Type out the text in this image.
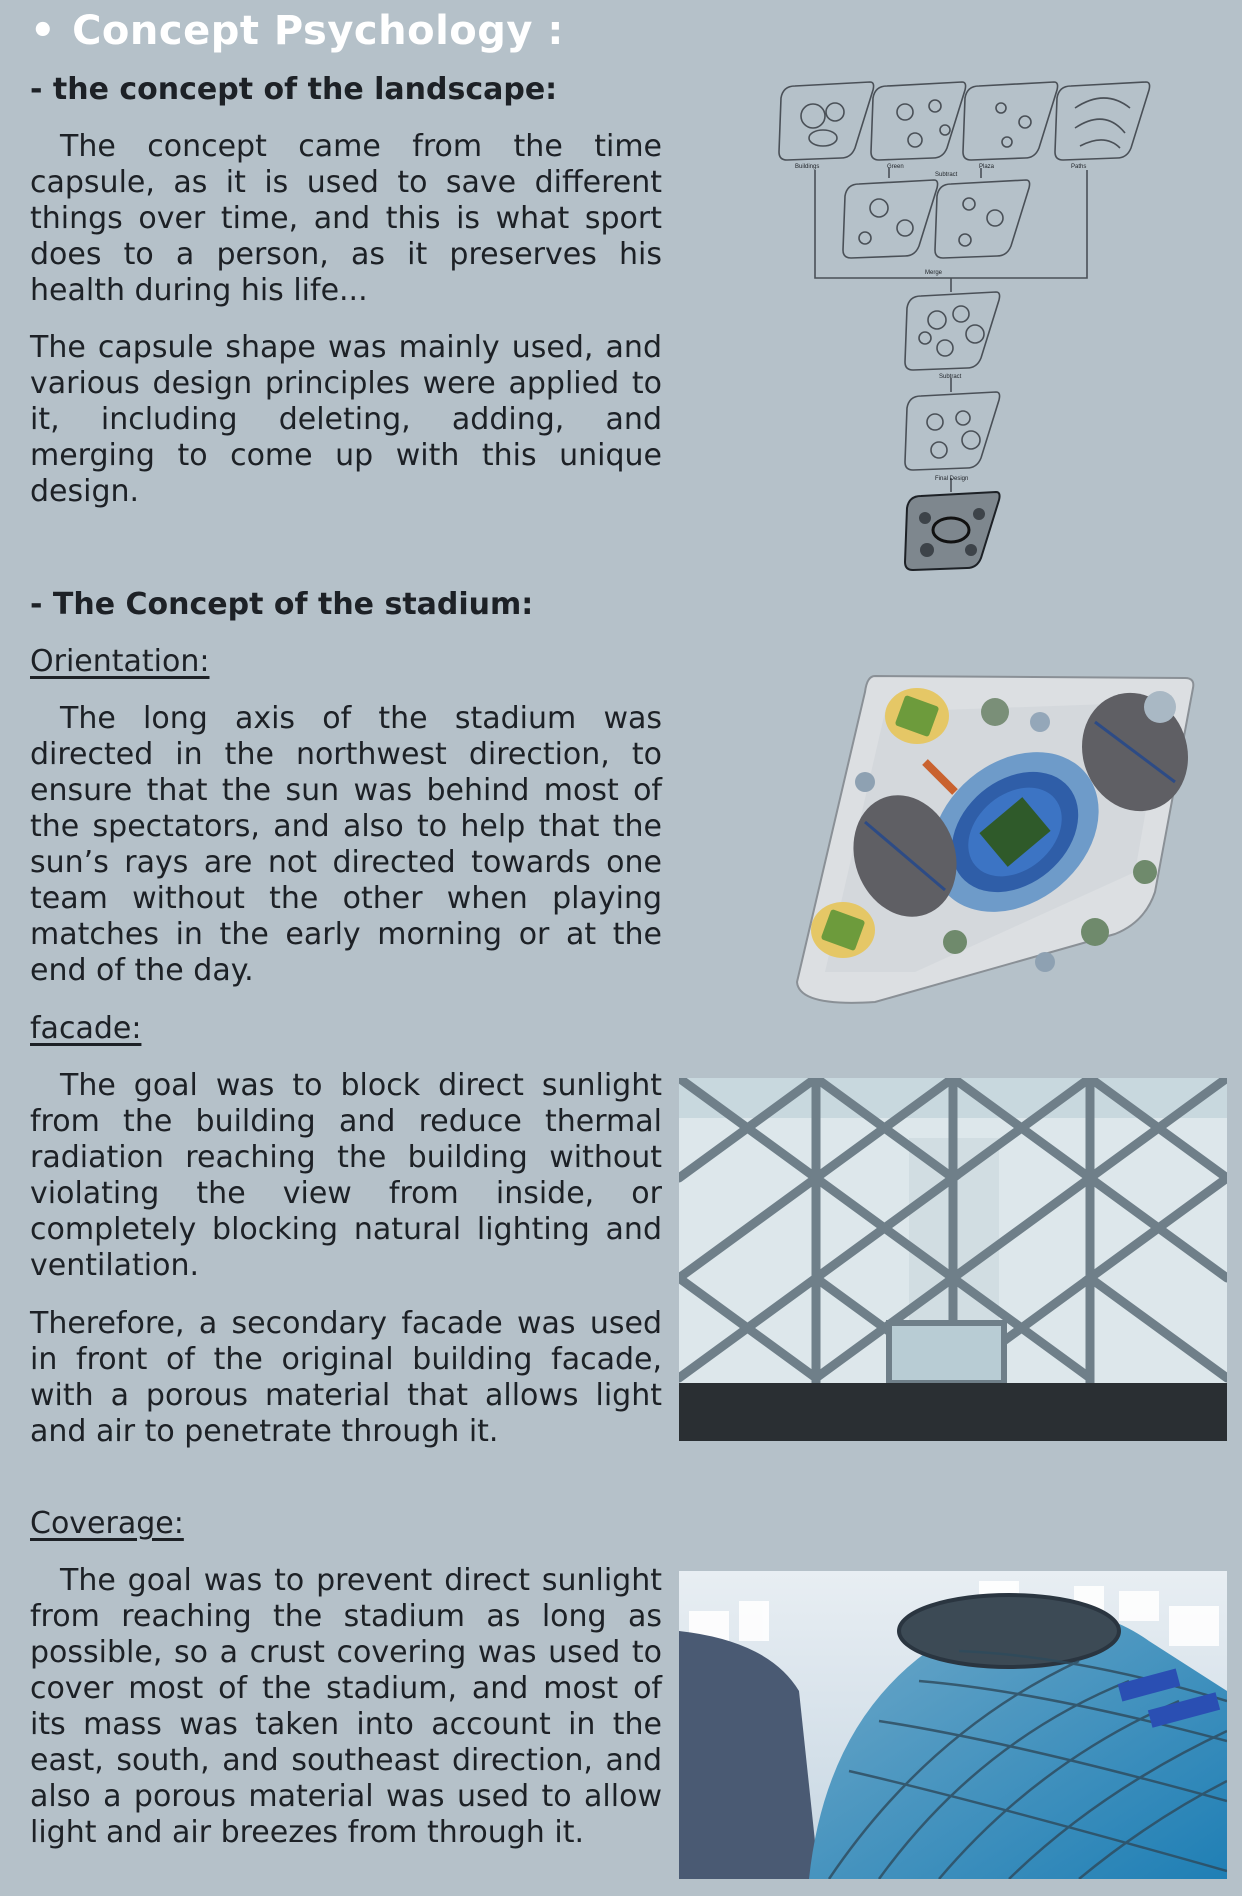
• Concept Psychology :
- the concept of the landscape:

The concept came from the time capsule, as it is used to save different things over time, and this is what sport does to a person, as it preserves his health during his life...

The capsule shape was mainly used, and various design principles were applied to it, including deleting, adding, and merging to come up with this unique design.

Buildings	Green	Plaza	Paths
Subtract
Merge
Subtract
Final Design
- The Concept of the stadium:
Orientation:

The long axis of the stadium was directed in the northwest direction, to ensure that the sun was behind most of the spectators, and also to help that the sun’s rays are not directed towards one team without the other when playing matches in the early morning or at the end of the day.

facade:

The goal was to block direct sunlight from the building and reduce thermal radiation reaching the building without violating the view from inside, or completely blocking natural lighting and ventilation.

Therefore, a secondary facade was used in front of the original building facade, with a porous material that allows light and air to penetrate through it.

Coverage:

The goal was to prevent direct sunlight from reaching the stadium as long as possible, so a crust covering was used to cover most of the stadium, and most of its mass was taken into account in the east, south, and southeast direction, and also a porous material was used to allow light and air breezes from through it.
